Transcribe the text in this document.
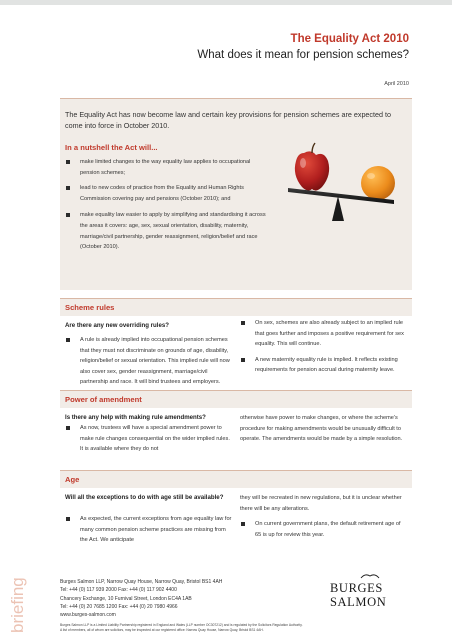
The Equality Act 2010
What does it mean for pension schemes?
April 2010
The Equality Act has now become law and certain key provisions for pension schemes are expected to come into force in October 2010.
In a nutshell the Act will...
make limited changes to the way equality law applies to occupational pension schemes;
lead to new codes of practice from the Equality and Human Rights Commission covering pay and pensions (October 2010); and
make equality law easier to apply by simplifying and standardising it across the areas it covers: age, sex, sexual orientation, disability, maternity, marriage/civil partnership, gender reassignment, religion/belief and race (October 2010).
Scheme rules
Are there any new overriding rules?

A rule is already implied into occupational pension schemes that they must not discriminate on grounds of age, disability, religion/belief or sexual orientation. This implied rule will now also cover sex, gender reassignment, marriage/civil partnership and race. It will bind trustees and employers.

On sex, schemes are also already subject to an implied rule that goes further and imposes a positive requirement for sex equality. This will continue.

A new maternity equality rule is implied. It reflects existing requirements for pension accrual during maternity leave.

Power of amendment
Is there any help with making rule amendments?

As now, trustees will have a special amendment power to make rule changes consequential on the wider implied rules. It is available where they do not

otherwise have power to make changes, or where the scheme's procedure for making amendments would be unusually difficult to operate. The amendments would be made by a simple resolution.

Age
Will all the exceptions to do with age still be available?

As expected, the current exceptions from age equality law for many common pension scheme practices are missing from the Act. We anticipate

they will be recreated in new regulations, but it is unclear whether there will be any alterations.

On current government plans, the default retirement age of 65 is up for review this year.

briefing	Burges Salmon LLP, Narrow Quay House, Narrow Quay, Bristol BS1 4AH
Tel: +44 (0) 117 939 2000 Fax: +44 (0) 117 902 4400
Chancery Exchange, 10 Furnival Street, London EC4A 1AB
Tel: +44 (0) 20 7685 1200 Fax: +44 (0) 20 7980 4966
www.burges-salmon.com
Burges Salmon LLP is a Limited Liability Partnership registered in England and Wales (LLP number OC307212) and is regulated by the Solicitors Regulation Authority.
A list of members, all of whom are solicitors, may be inspected at our registered office: Narrow Quay House, Narrow Quay, Bristol BS1 4AH.
BURGES
SALMON
